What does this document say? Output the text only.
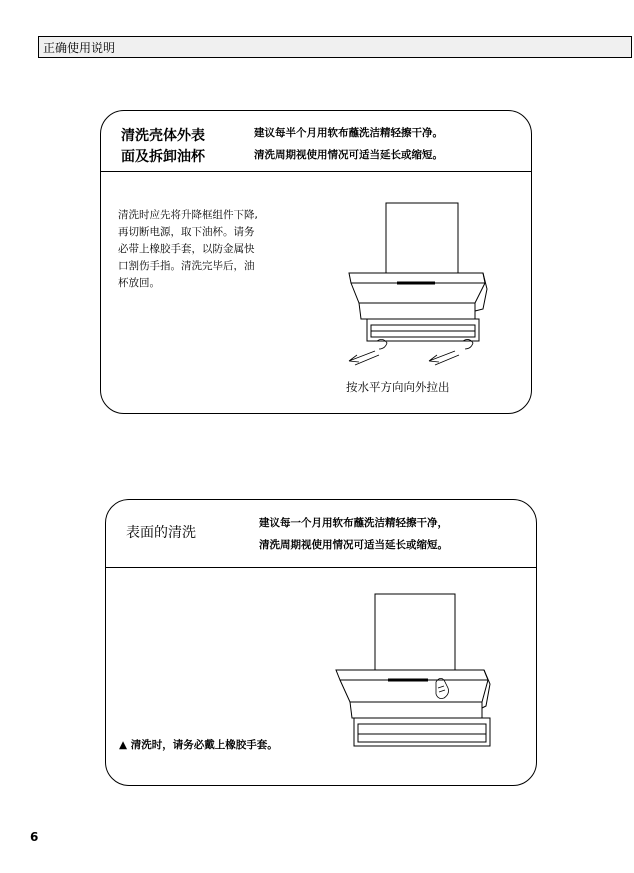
正确使用说明
清洗壳体外表
面及拆卸油杯
建议每半个月用软布蘸洗洁精轻擦干净。
清洗周期视使用情况可适当延长或缩短。
清洗时应先将升降框组件下降,
再切断电源，取下油杯。请务
必带上橡胶手套，以防金属快
口割伤手指。清洗完毕后，油
杯放回。
按水平方向向外拉出
表面的清洗
建议每一个月用软布蘸洗洁精轻擦干净，
清洗周期视使用情况可适当延长或缩短。
▲ 清洗时，请务必戴上橡胶手套。
6
